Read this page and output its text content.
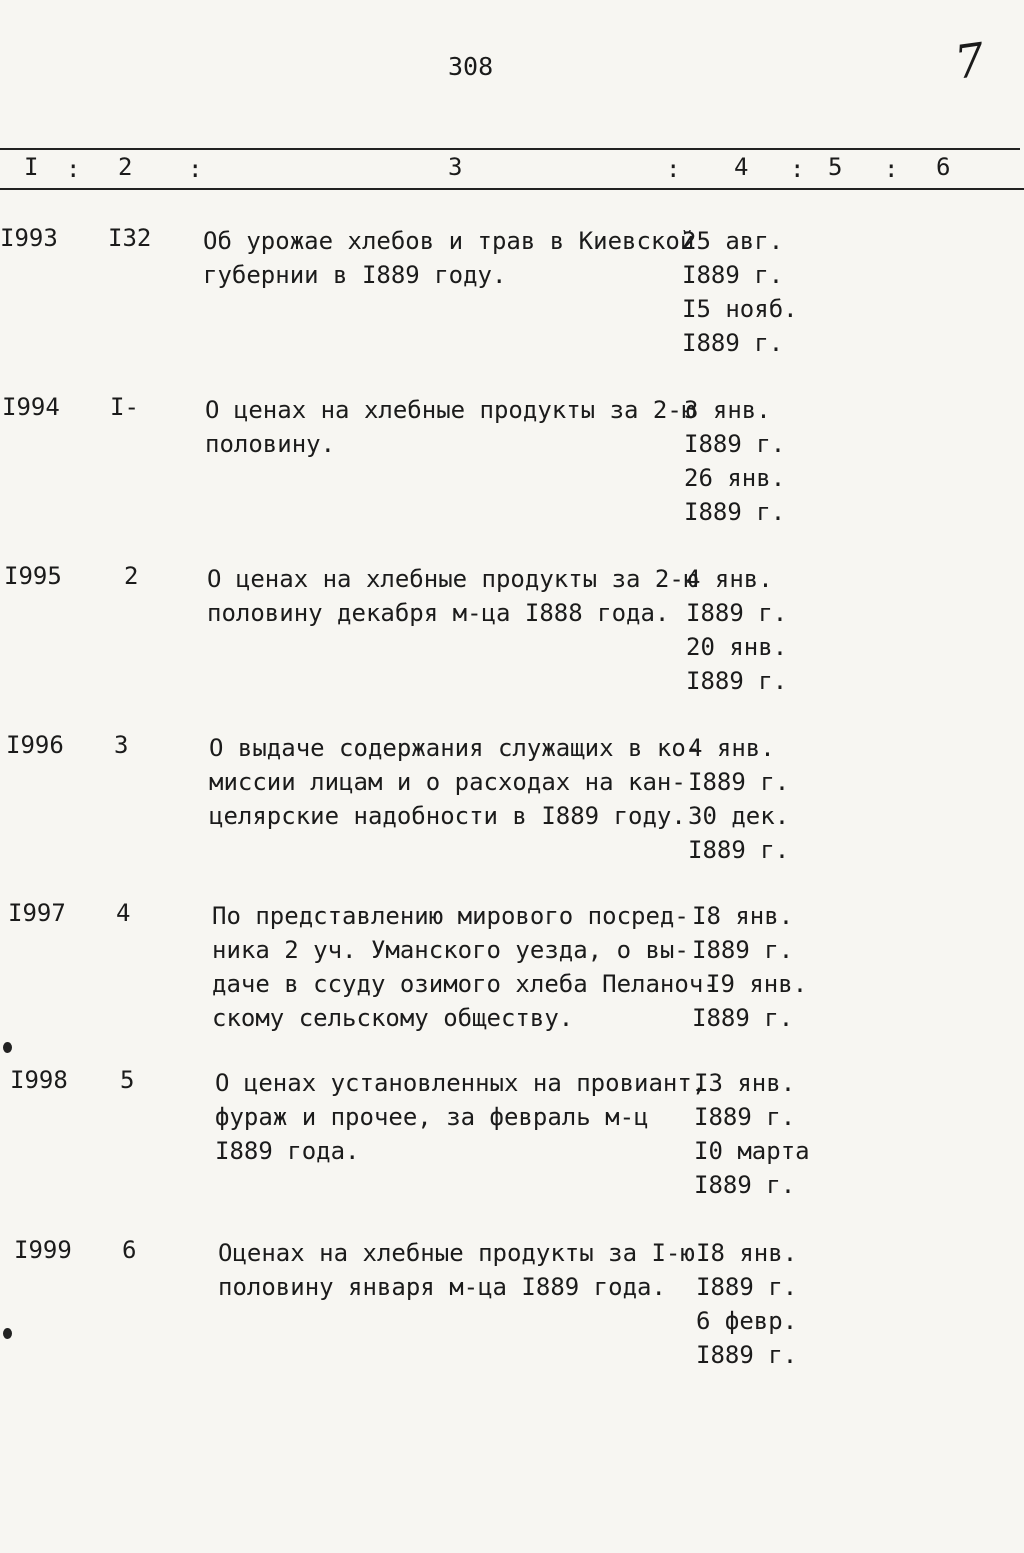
308	7
I : 2 :	3	: 4 : 5 : 6
I993 I32 Об урожае хлебов и трав в Киевской
губернии в I889 году.
25 авг.
I889 г.
I5 нояб.
I889 г.
I994 I-	О ценах на хлебные продукты за 2-ю
половину.
3 янв.
I889 г.
26 янв.
I889 г.
I995	2	О ценах на хлебные продукты за 2-ю
половину декабря м-ца I888 года.
4 янв.
I889 г.
20 янв.
I889 г.
I996 3	О выдаче содержания служащих в ко-
миссии лицам и о расходах на кан-
целярские надобности в I889 году.
4 янв.
I889 г.
30 дек.
I889 г.
I997 4	По представлению мирового посред-
ника 2 уч. Уманского уезда, о вы-
даче в ссуду озимого хлеба Пеланоч-
скому сельскому обществу.
I8 янв.
I889 г.
I9 янв.
I889 г.
I998 5	О ценах установленных на провиант,
фураж и прочее, за февраль м-ц
I889 года.
I3 янв.
I889 г.
I0 марта
I889 г.
I999 6	Оценах на хлебные продукты за I-ю
половину января м-ца I889 года.
I8 янв.
I889 г.
6 февр.
I889 г.
